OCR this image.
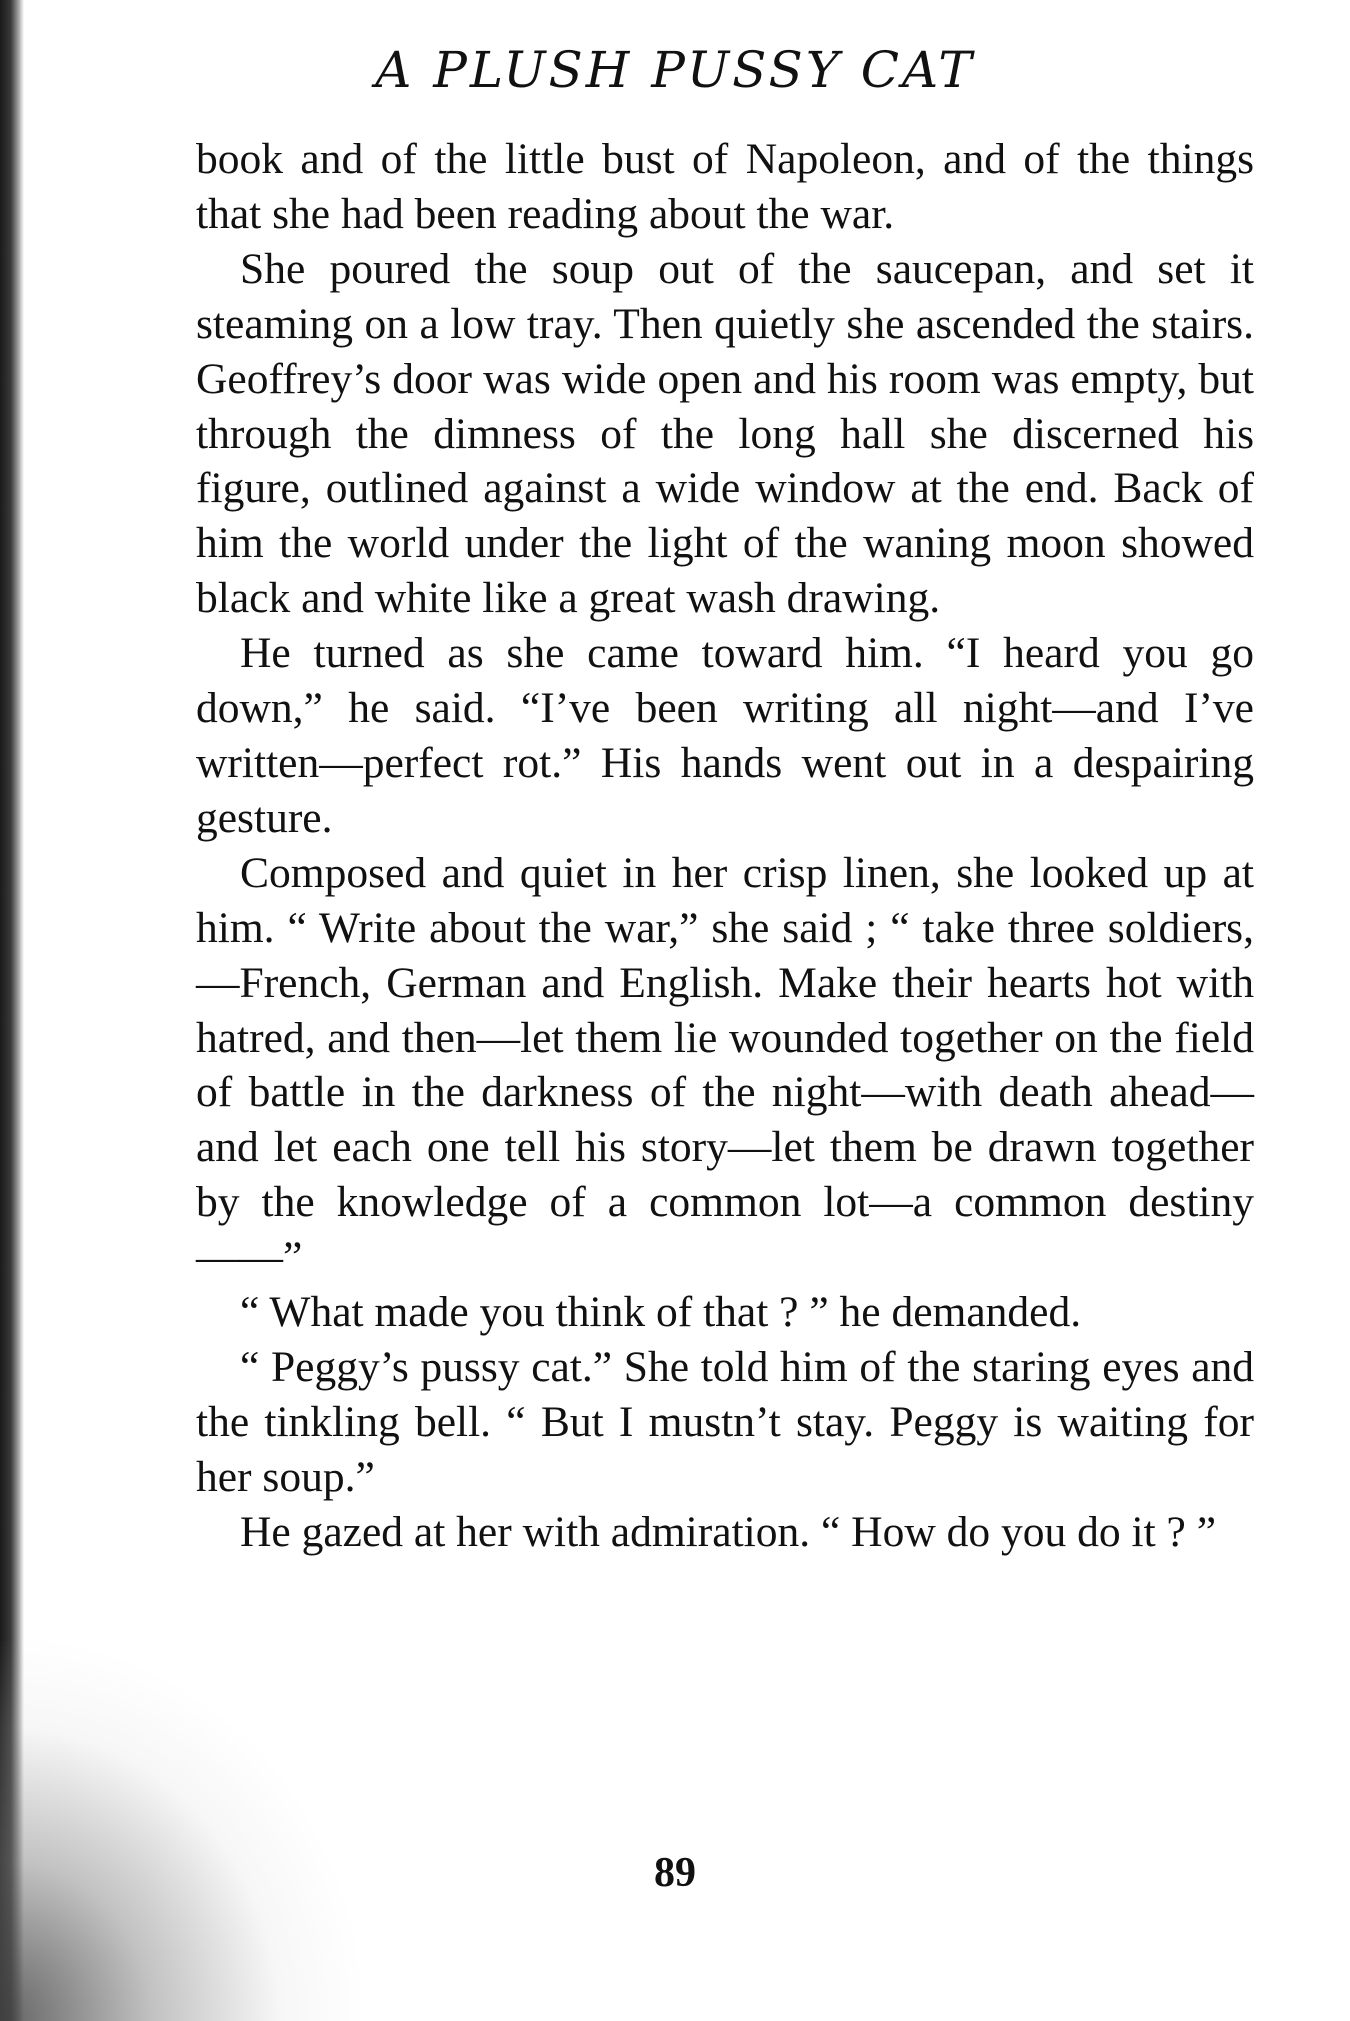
A PLUSH PUSSY CAT

book and of the little bust of Napoleon, and of the things that she had been reading about the war.

She poured the soup out of the saucepan, and set it steaming on a low tray. Then quietly she ascended the stairs. Geoffrey’s door was wide open and his room was empty, but through the dimness of the long hall she discerned his figure, outlined against a wide window at the end. Back of him the world under the light of the waning moon showed black and white like a great wash drawing.

He turned as she came toward him. “I heard you go down,” he said. “I’ve been writing all night—and I’ve written—perfect rot.” His hands went out in a despairing gesture.

Composed and quiet in her crisp linen, she looked up at him. “ Write about the war,” she said ; “ take three soldiers,—French, German and English. Make their hearts hot with hatred, and then—let them lie wounded together on the field of battle in the darkness of the night—with death ahead—and let each one tell his story—let them be drawn together by the knowledge of a common lot—a common destiny ——”

“ What made you think of that ? ” he demanded.

“ Peggy’s pussy cat.” She told him of the staring eyes and the tinkling bell. “ But I mustn’t stay. Peggy is waiting for her soup.”

He gazed at her with admiration. “ How do you do it ? ”

89
